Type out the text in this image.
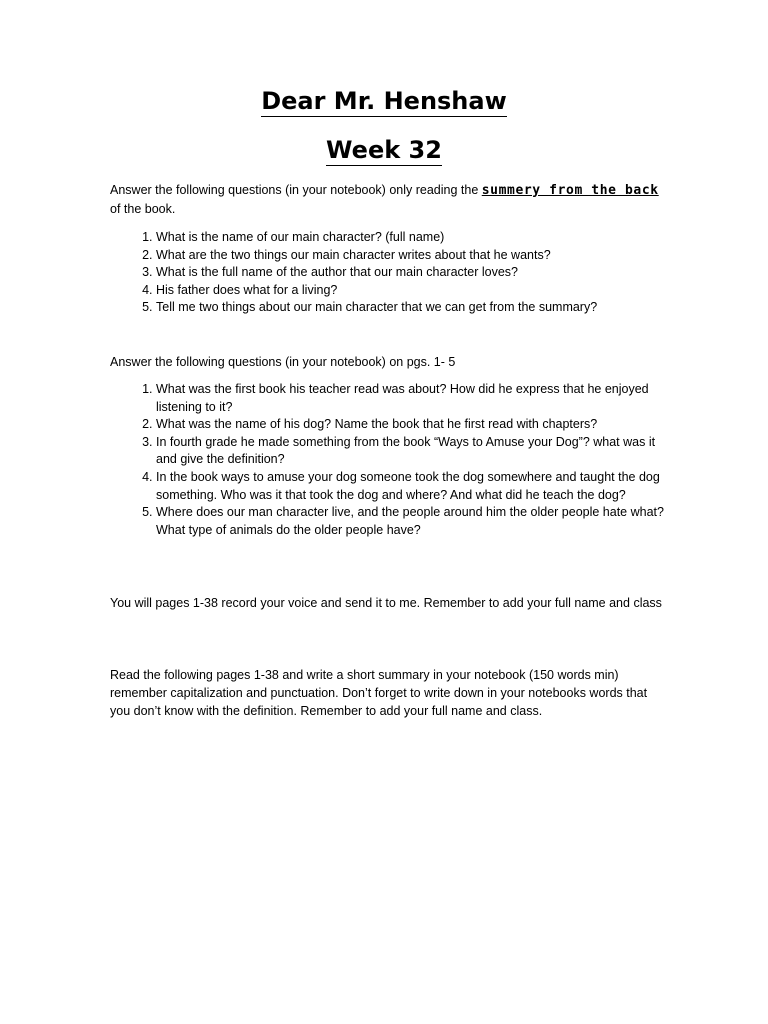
Dear Mr. Henshaw
Week 32

Answer the following questions (in your notebook) only reading the summery from the back of the book.

1. What is the name of our main character? (full name)
2. What are the two things our main character writes about that he wants?
3. What is the full name of the author that our main character loves?
4. His father does what for a living?
5. Tell me two things about our main character that we can get from the summary?

Answer the following questions (in your notebook) on pgs. 1- 5

1. What was the first book his teacher read was about? How did he express that he enjoyed listening to it?
2. What was the name of his dog? Name the book that he first read with chapters?
3. In fourth grade he made something from the book “Ways to Amuse your Dog”? what was it and give the definition?
4. In the book ways to amuse your dog someone took the dog somewhere and taught the dog something. Who was it that took the dog and where? And what did he teach the dog?
5. Where does our man character live, and the people around him the older people hate what? What type of animals do the older people have?

You will pages 1-38 record your voice and send it to me. Remember to add your full name and class

Read the following pages 1-38 and write a short summary in your notebook (150 words min) remember capitalization and punctuation. Don’t forget to write down in your notebooks words that you don’t know with the definition. Remember to add your full name and class.
